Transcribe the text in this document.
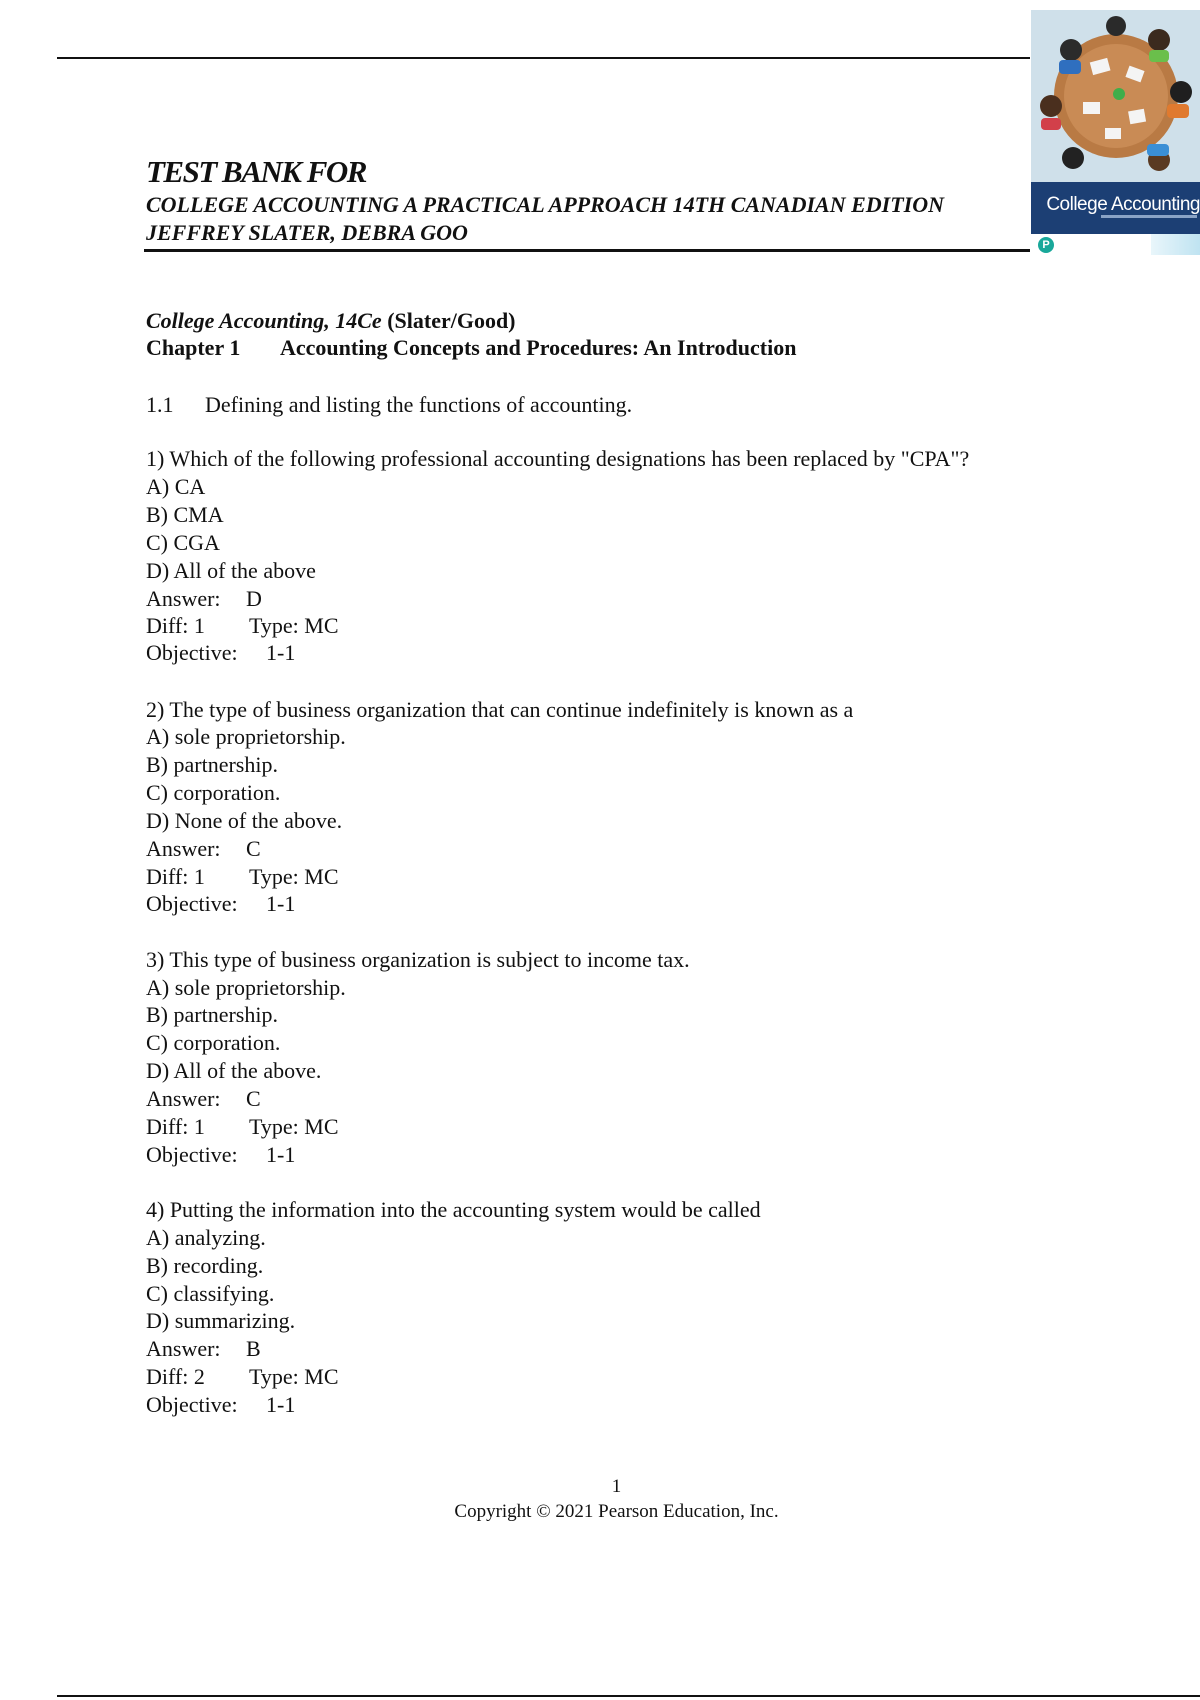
College Accounting
P
TEST BANK FOR
COLLEGE ACCOUNTING A PRACTICAL APPROACH 14TH CANADIAN EDITION
JEFFREY SLATER, DEBRA GOO
College Accounting, 14Ce (Slater/Good)
Chapter 1 Accounting Concepts and Procedures: An Introduction
1.1 Defining and listing the functions of accounting.
1) Which of the following professional accounting designations has been replaced by "CPA"?
A) CA
B) CMA
C) CGA
D) All of the above
Answer: D
Diff: 1 Type: MC
Objective: 1-1
2) The type of business organization that can continue indefinitely is known as a
A) sole proprietorship.
B) partnership.
C) corporation.
D) None of the above.
Answer: C
Diff: 1 Type: MC
Objective: 1-1
3) This type of business organization is subject to income tax.
A) sole proprietorship.
B) partnership.
C) corporation.
D) All of the above.
Answer: C
Diff: 1 Type: MC
Objective: 1-1
4) Putting the information into the accounting system would be called
A) analyzing.
B) recording.
C) classifying.
D) summarizing.
Answer: B
Diff: 2 Type: MC
Objective: 1-1
1
Copyright © 2021 Pearson Education, Inc.
